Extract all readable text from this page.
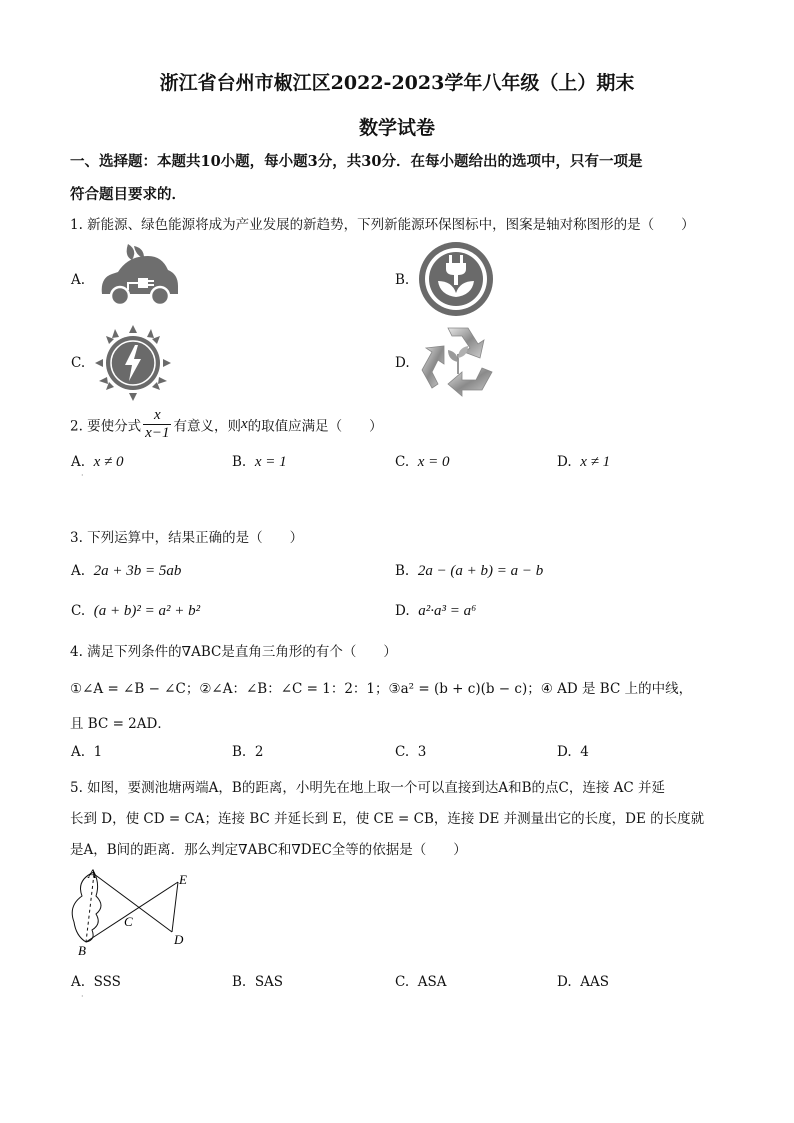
浙江省台州市椒江区2022-2023学年八年级（上）期末
数学试卷
一、选择题：本题共10小题，每小题3分，共30分．在每小题给出的选项中，只有一项是
符合题目要求的．
1. 新能源、绿色能源将成为产业发展的新趋势，下列新能源环保图标中，图案是轴对称图形的是（　　）
A.	B.
C.	D.
2. 要使分式 $\frac{x}{x-1}$ 有意义，则x的取值应满足（　　）
A. x ≠ 0
·
B. x = 1	C. x = 0	D. x ≠ 1
3. 下列运算中，结果正确的是（　　）
A. 2a + 3b = 5ab	B. 2a − (a + b) = a − b
C. (a + b)² = a² + b²	D. a²·a³ = a⁶
4. 满足下列条件的∇ABC是直角三角形的有个（　　）
①∠A = ∠B − ∠C；②∠A：∠B：∠C = 1：2：1；③a² = (b + c)(b − c)；④ AD 是 BC 上的中线，
且 BC = 2AD．
A. 1	B. 2	C. 3	D. 4
5. 如图，要测池塘两端A，B的距离，小明先在地上取一个可以直接到达A和B的点C，连接 AC 并延
长到 D，使 CD = CA；连接 BC 并延长到 E，使 CE = CB，连接 DE 并测量出它的长度，DE 的长度就
是A，B间的距离．那么判定∇ABC和∇DEC全等的依据是（　　）
A
B
C
D
E
A. SSS
·
B. SAS	C. ASA	D. AAS
